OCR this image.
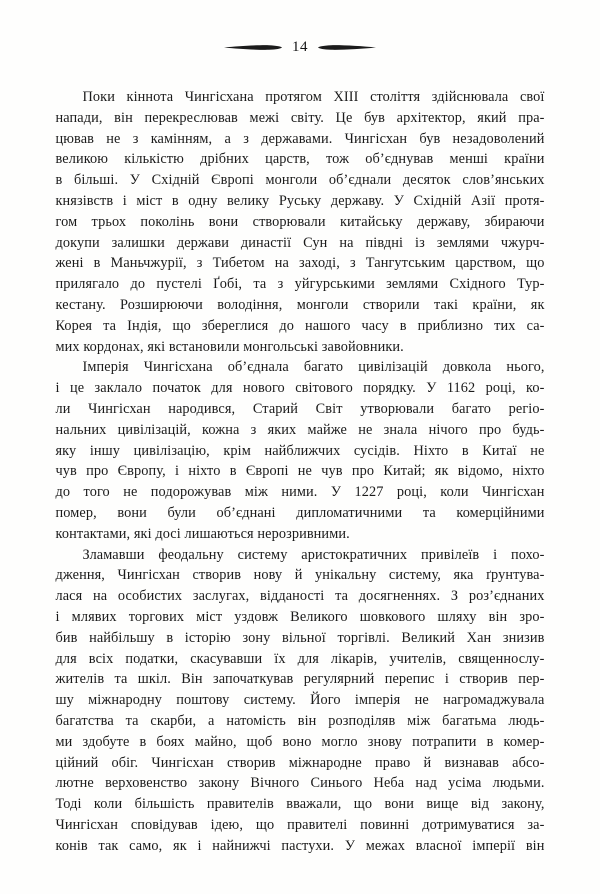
14
Поки кіннота Чингісхана протягом XIII століття здійснювала свої
напади, він перекреслював межі світу. Це був архітектор, який пра-
цював не з камінням, а з державами. Чингісхан був незадоволений
великою кількістю дрібних царств, тож об’єднував менші країни
в більші. У Східній Європі монголи об’єднали десяток слов’янських
князівств і міст в одну велику Руську державу. У Східній Азії протя-
гом трьох поколінь вони створювали китайську державу, збираючи
докупи залишки держави династії Сун на півдні із землями чжурч-
жені в Маньчжурії, з Тибетом на заході, з Тангутським царством, що
прилягало до пустелі Ґобі, та з уйгурськими землями Східного Тур-
кестану. Розширюючи володіння, монголи створили такі країни, як
Корея та Індія, що збереглися до нашого часу в приблизно тих са-
мих кордонах, які встановили монгольські завойовники.
Імперія Чингісхана об’єднала багато цивілізацій довкола нього,
і це заклало початок для нового світового порядку. У 1162 році, ко-
ли Чингісхан народився, Старий Світ утворювали багато регіо-
нальних цивілізацій, кожна з яких майже не знала нічого про будь-
яку іншу цивілізацію, крім найближчих сусідів. Ніхто в Китаї не
чув про Європу, і ніхто в Європі не чув про Китай; як відомо, ніхто
до того не подорожував між ними. У 1227 році, коли Чингісхан
помер, вони були об’єднані дипломатичними та комерційними
контактами, які досі лишаються нерозривними.
Зламавши феодальну систему аристократичних привілеїв і похо-
дження, Чингісхан створив нову й унікальну систему, яка ґрунтува-
лася на особистих заслугах, відданості та досягненнях. З роз’єднаних
і млявих торгових міст уздовж Великого шовкового шляху він зро-
бив найбільшу в історію зону вільної торгівлі. Великий Хан знизив
для всіх податки, скасувавши їх для лікарів, учителів, священнослу-
жителів та шкіл. Він започаткував регулярний перепис і створив пер-
шу міжнародну поштову систему. Його імперія не нагромаджувала
багатства та скарби, а натомість він розподіляв між багатьма людь-
ми здобуте в боях майно, щоб воно могло знову потрапити в комер-
ційний обіг. Чингісхан створив міжнародне право й визнавав абсо-
лютне верховенство закону Вічного Синього Неба над усіма людьми.
Тоді коли більшість правителів вважали, що вони вище від закону,
Чингісхан сповідував ідею, що правителі повинні дотримуватися за-
конів так само, як і найнижчі пастухи. У межах власної імперії він
